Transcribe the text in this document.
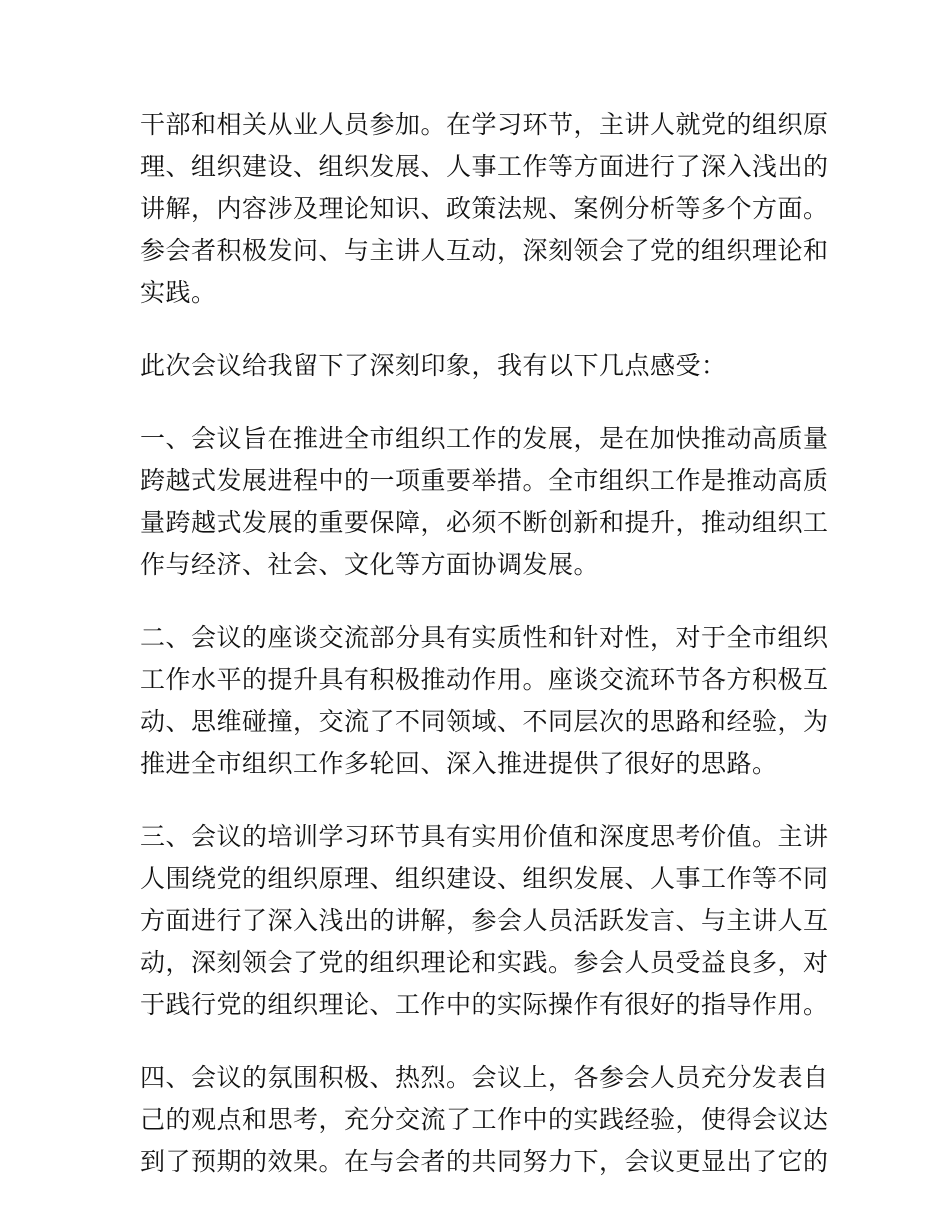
干部和相关从业人员参加。在学习环节，主讲人就党的组织原
理、组织建设、组织发展、人事工作等方面进行了深入浅出的
讲解，内容涉及理论知识、政策法规、案例分析等多个方面。
参会者积极发问、与主讲人互动，深刻领会了党的组织理论和
实践。
此次会议给我留下了深刻印象，我有以下几点感受：
一、会议旨在推进全市组织工作的发展，是在加快推动高质量
跨越式发展进程中的一项重要举措。全市组织工作是推动高质
量跨越式发展的重要保障，必须不断创新和提升，推动组织工
作与经济、社会、文化等方面协调发展。
二、会议的座谈交流部分具有实质性和针对性，对于全市组织
工作水平的提升具有积极推动作用。座谈交流环节各方积极互
动、思维碰撞，交流了不同领域、不同层次的思路和经验，为
推进全市组织工作多轮回、深入推进提供了很好的思路。
三、会议的培训学习环节具有实用价值和深度思考价值。主讲
人围绕党的组织原理、组织建设、组织发展、人事工作等不同
方面进行了深入浅出的讲解，参会人员活跃发言、与主讲人互
动，深刻领会了党的组织理论和实践。参会人员受益良多，对
于践行党的组织理论、工作中的实际操作有很好的指导作用。
四、会议的氛围积极、热烈。会议上，各参会人员充分发表自
己的观点和思考，充分交流了工作中的实践经验，使得会议达
到了预期的效果。在与会者的共同努力下，会议更显出了它的
